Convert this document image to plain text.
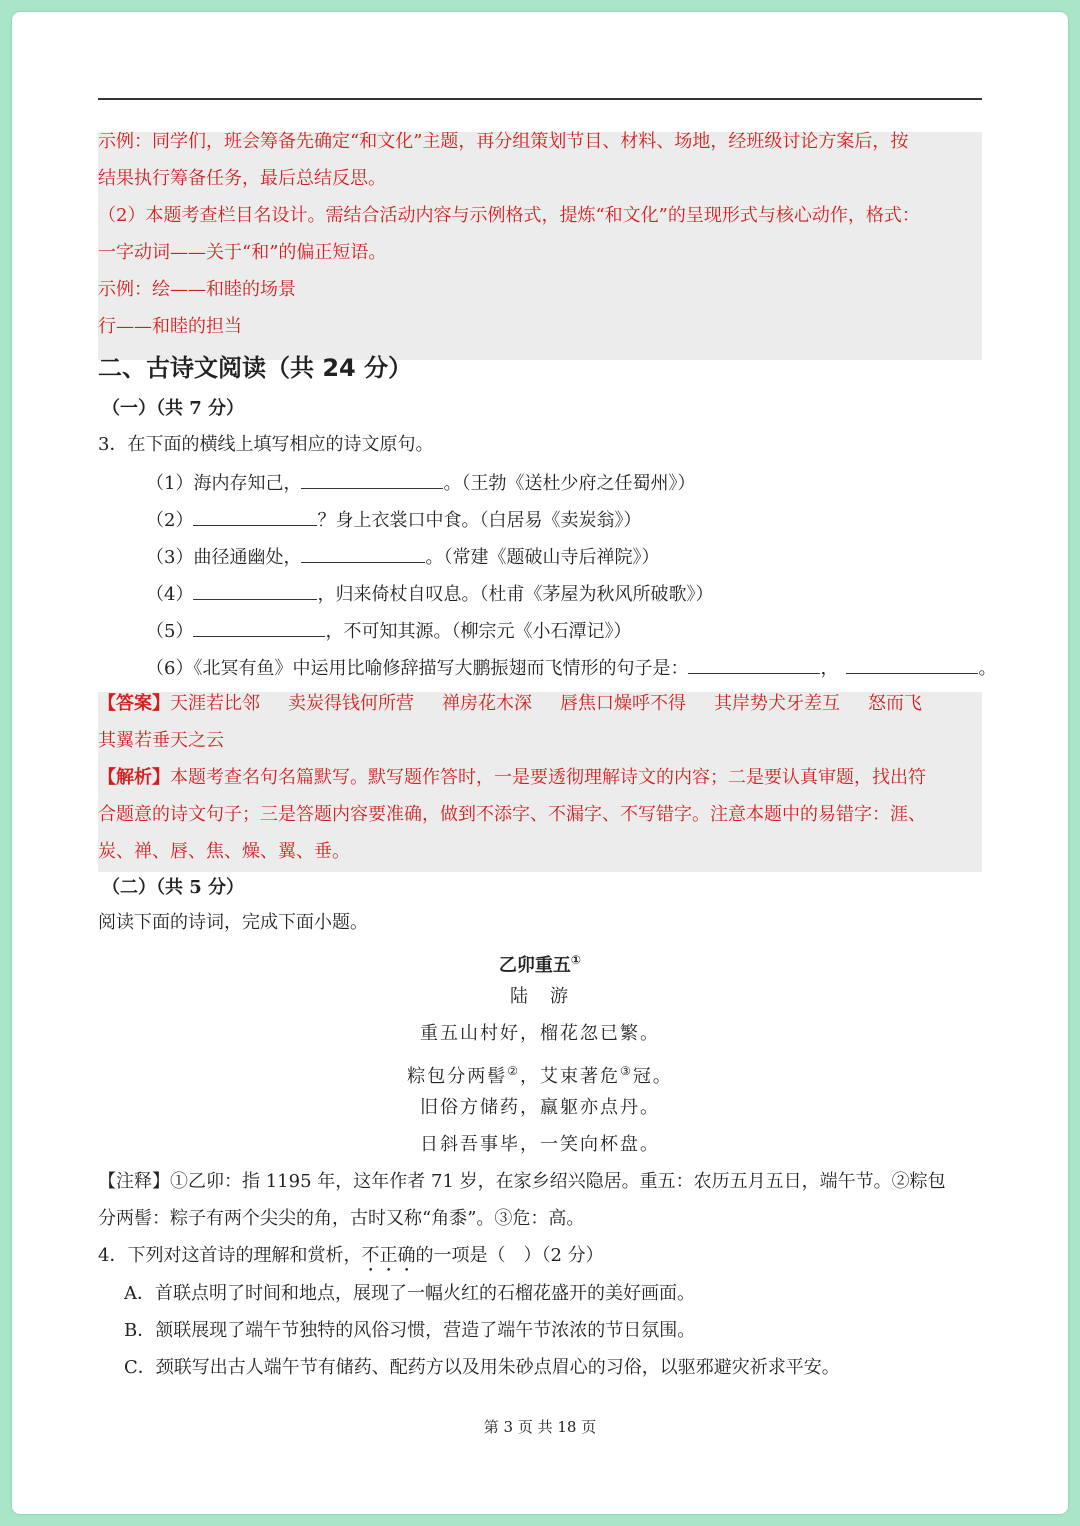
示例：同学们，班会筹备先确定“和文化”主题，再分组策划节目、材料、场地，经班级讨论方案后，按
结果执行筹备任务，最后总结反思。
（2）本题考查栏目名设计。需结合活动内容与示例格式，提炼“和文化”的呈现形式与核心动作，格式：
一字动词——关于“和”的偏正短语。
示例：绘——和睦的场景
行——和睦的担当
二、古诗文阅读（共 24 分）
（一）（共 7 分）
3．在下面的横线上填写相应的诗文原句。
（1）海内存知己，	。（王勃《送杜少府之任蜀州》）
（2）	？身上衣裳口中食。（白居易《卖炭翁》）
（3）曲径通幽处，	。（常建《题破山寺后禅院》）
（4）	，归来倚杖自叹息。（杜甫《茅屋为秋风所破歌》）
（5）	，不可知其源。（柳宗元《小石潭记》）
（6）《北冥有鱼》中运用比喻修辞描写大鹏振翅而飞情形的句子是：	，	。
【答案】天涯若比邻 卖炭得钱何所营 禅房花木深 唇焦口燥呼不得 其岸势犬牙差互 怒而飞
其翼若垂天之云
【解析】本题考查名句名篇默写。默写题作答时，一是要透彻理解诗文的内容；二是要认真审题，找出符
合题意的诗文句子；三是答题内容要准确，做到不添字、不漏字、不写错字。注意本题中的易错字：涯、
炭、禅、唇、焦、燥、翼、垂。
（二）（共 5 分）
阅读下面的诗词，完成下面小题。
乙卯重五①
陆　游
重五山村好，榴花忽已繁。
粽包分两髻②，艾束著危③冠。
旧俗方储药，羸躯亦点丹。
日斜吾事毕，一笑向杯盘。
【注释】①乙卯：指 1195 年，这年作者 71 岁，在家乡绍兴隐居。重五：农历五月五日，端午节。②粽包
分两髻：粽子有两个尖尖的角，古时又称“角黍”。③危：高。
4．下列对这首诗的理解和赏析，不正确的一项是（　）（2 分）
A．首联点明了时间和地点，展现了一幅火红的石榴花盛开的美好画面。
B．颔联展现了端午节独特的风俗习惯，营造了端午节浓浓的节日氛围。
C．颈联写出古人端午节有储药、配药方以及用朱砂点眉心的习俗，以驱邪避灾祈求平安。
第 3 页 共 18 页
